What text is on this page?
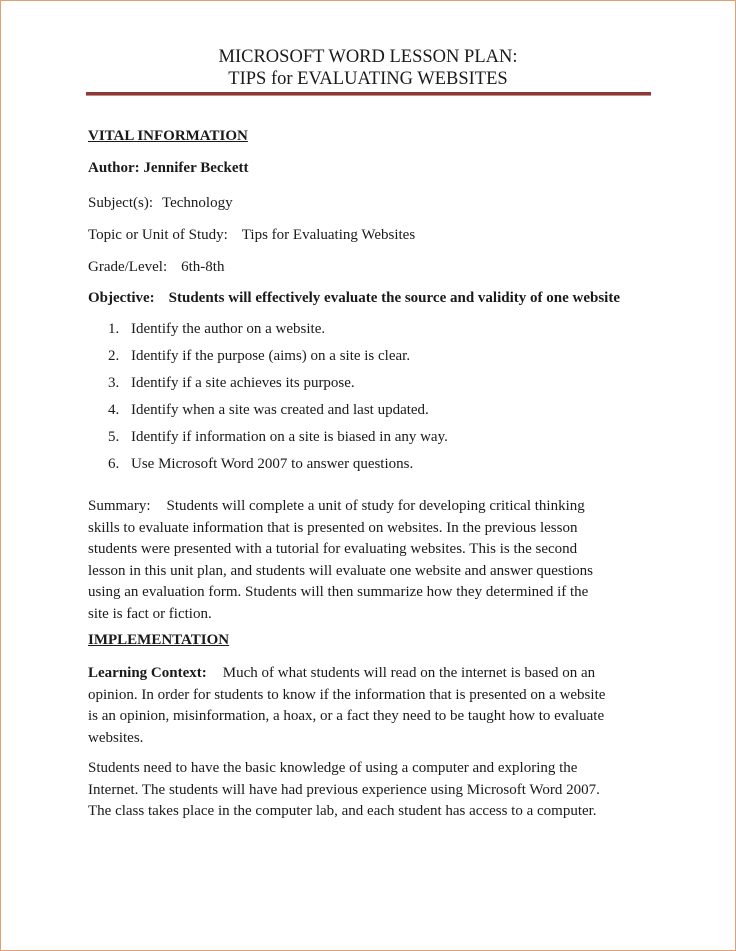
MICROSOFT WORD LESSON PLAN:
TIPS for EVALUATING WEBSITES
VITAL INFORMATION
Author: Jennifer Beckett
Subject(s): Technology
Topic or Unit of Study: Tips for Evaluating Websites
Grade/Level: 6th-8th
Objective: Students will effectively evaluate the source and validity of one website
1. Identify the author on a website.
2. Identify if the purpose (aims) on a site is clear.
3. Identify if a site achieves its purpose.
4. Identify when a site was created and last updated.
5. Identify if information on a site is biased in any way.
6. Use Microsoft Word 2007 to answer questions.
Summary: Students will complete a unit of study for developing critical thinking
skills to evaluate information that is presented on websites. In the previous lesson
students were presented with a tutorial for evaluating websites. This is the second
lesson in this unit plan, and students will evaluate one website and answer questions
using an evaluation form. Students will then summarize how they determined if the
site is fact or fiction.
IMPLEMENTATION
Learning Context: Much of what students will read on the internet is based on an
opinion. In order for students to know if the information that is presented on a website
is an opinion, misinformation, a hoax, or a fact they need to be taught how to evaluate
websites.
Students need to have the basic knowledge of using a computer and exploring the
Internet. The students will have had previous experience using Microsoft Word 2007.
The class takes place in the computer lab, and each student has access to a computer.
